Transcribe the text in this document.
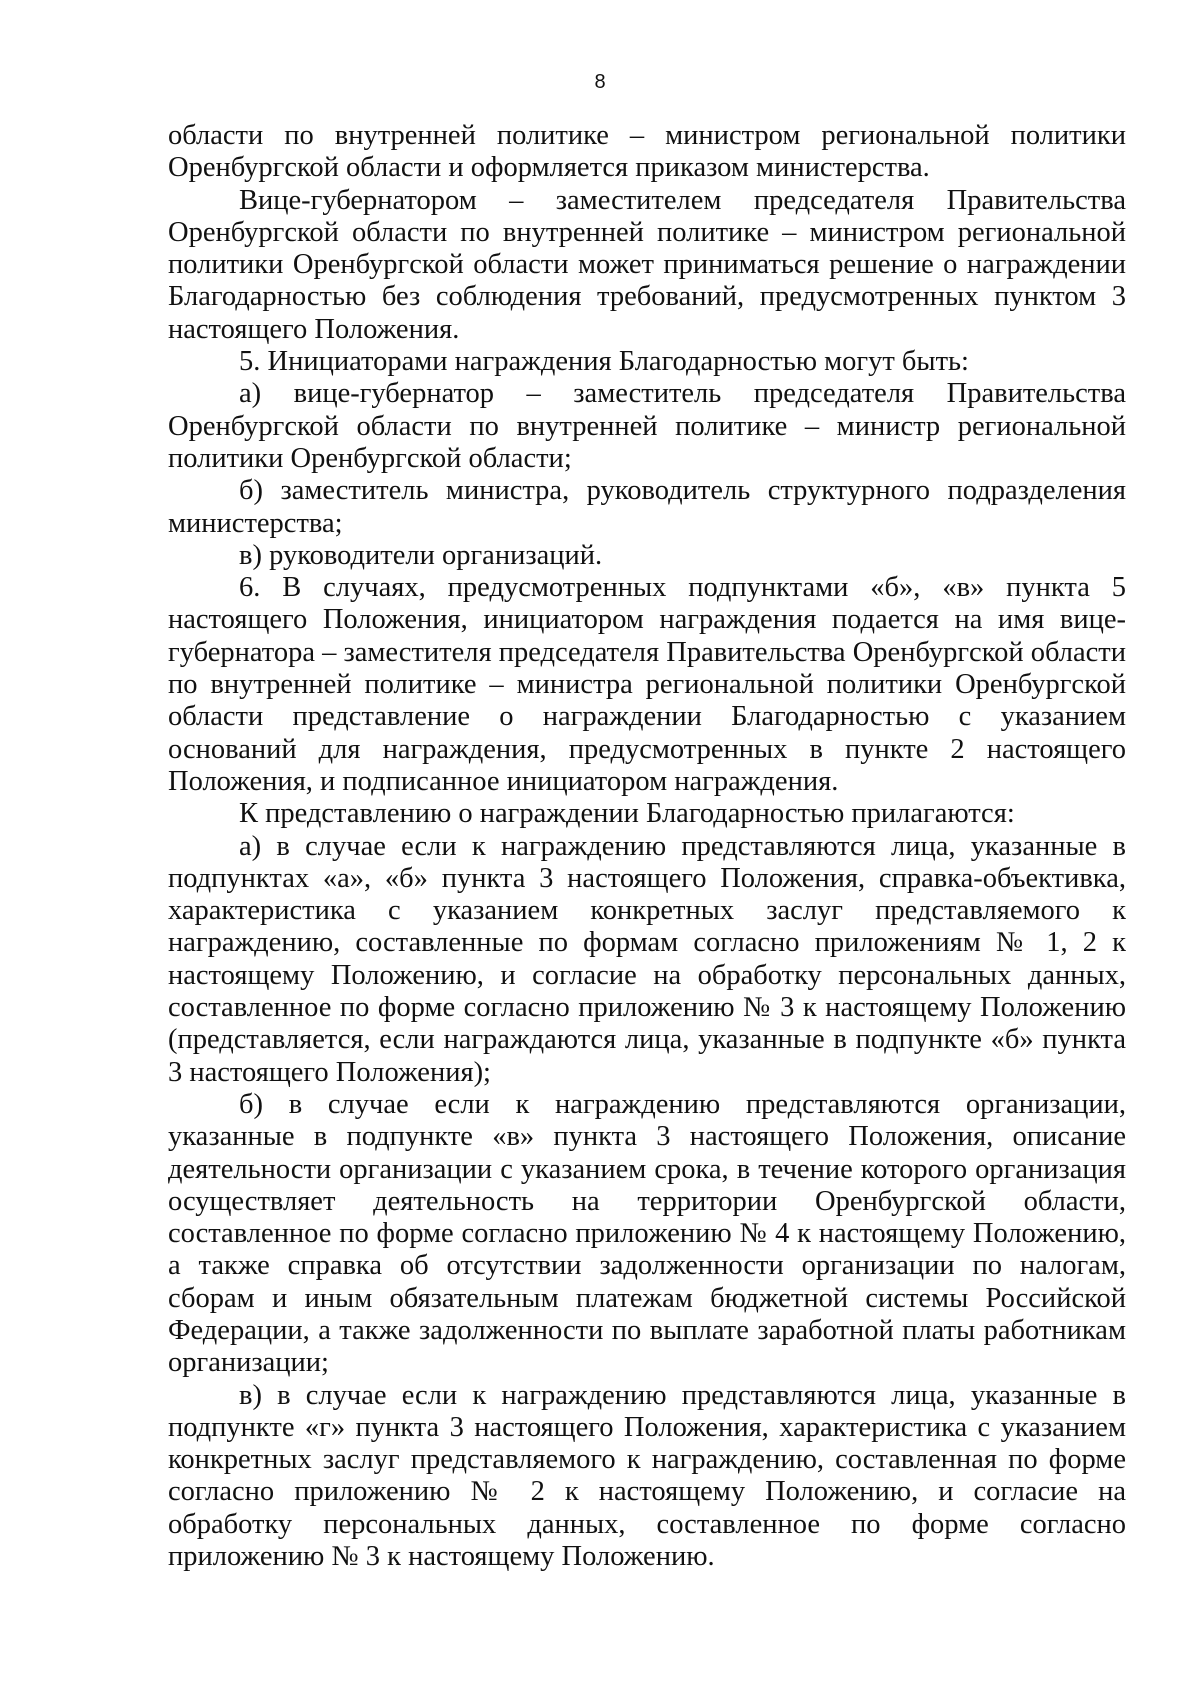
8

области по внутренней политике – министром региональной политики Оренбургской области и оформляется приказом министерства.

Вице-губернатором – заместителем председателя Правительства Оренбургской области по внутренней политике – министром региональной политики Оренбургской области может приниматься решение о награждении Благодарностью без соблюдения требований, предусмотренных пунктом 3 настоящего Положения.

5. Инициаторами награждения Благодарностью могут быть:

а) вице-губернатор – заместитель председателя Правительства Оренбургской области по внутренней политике – министр региональной политики Оренбургской области;

б) заместитель министра, руководитель структурного подразделения министерства;

в) руководители организаций.

6. В случаях, предусмотренных подпунктами «б», «в» пункта 5 настоящего Положения, инициатором награждения подается на имя вице-губернатора – заместителя председателя Правительства Оренбургской области по внутренней политике – министра региональной политики Оренбургской области представление о награждении Благодарностью с указанием оснований для награждения, предусмотренных в пункте 2 настоящего Положения, и подписанное инициатором награждения.

К представлению о награждении Благодарностью прилагаются:

а) в случае если к награждению представляются лица, указанные в подпунктах «а», «б» пункта 3 настоящего Положения, справка-объективка, характеристика с указанием конкретных заслуг представляемого к награждению, составленные по формам согласно приложениям № 1, 2 к настоящему Положению, и согласие на обработку персональных данных, составленное по форме согласно приложению № 3 к настоящему Положению (представляется, если награждаются лица, указанные в подпункте «б» пункта 3 настоящего Положения);

б) в случае если к награждению представляются организации, указанные в подпункте «в» пункта 3 настоящего Положения, описание деятельности организации с указанием срока, в течение которого организация осуществляет деятельность на территории Оренбургской области, составленное по форме согласно приложению № 4 к настоящему Положению, а также справка об отсутствии задолженности организации по налогам, сборам и иным обязательным платежам бюджетной системы Российской Федерации, а также задолженности по выплате заработной платы работникам организации;

в) в случае если к награждению представляются лица, указанные в подпункте «г» пункта 3 настоящего Положения, характеристика с указанием конкретных заслуг представляемого к награждению, составленная по форме согласно приложению № 2 к настоящему Положению, и согласие на обработку персональных данных, составленное по форме согласно приложению № 3 к настоящему Положению.
